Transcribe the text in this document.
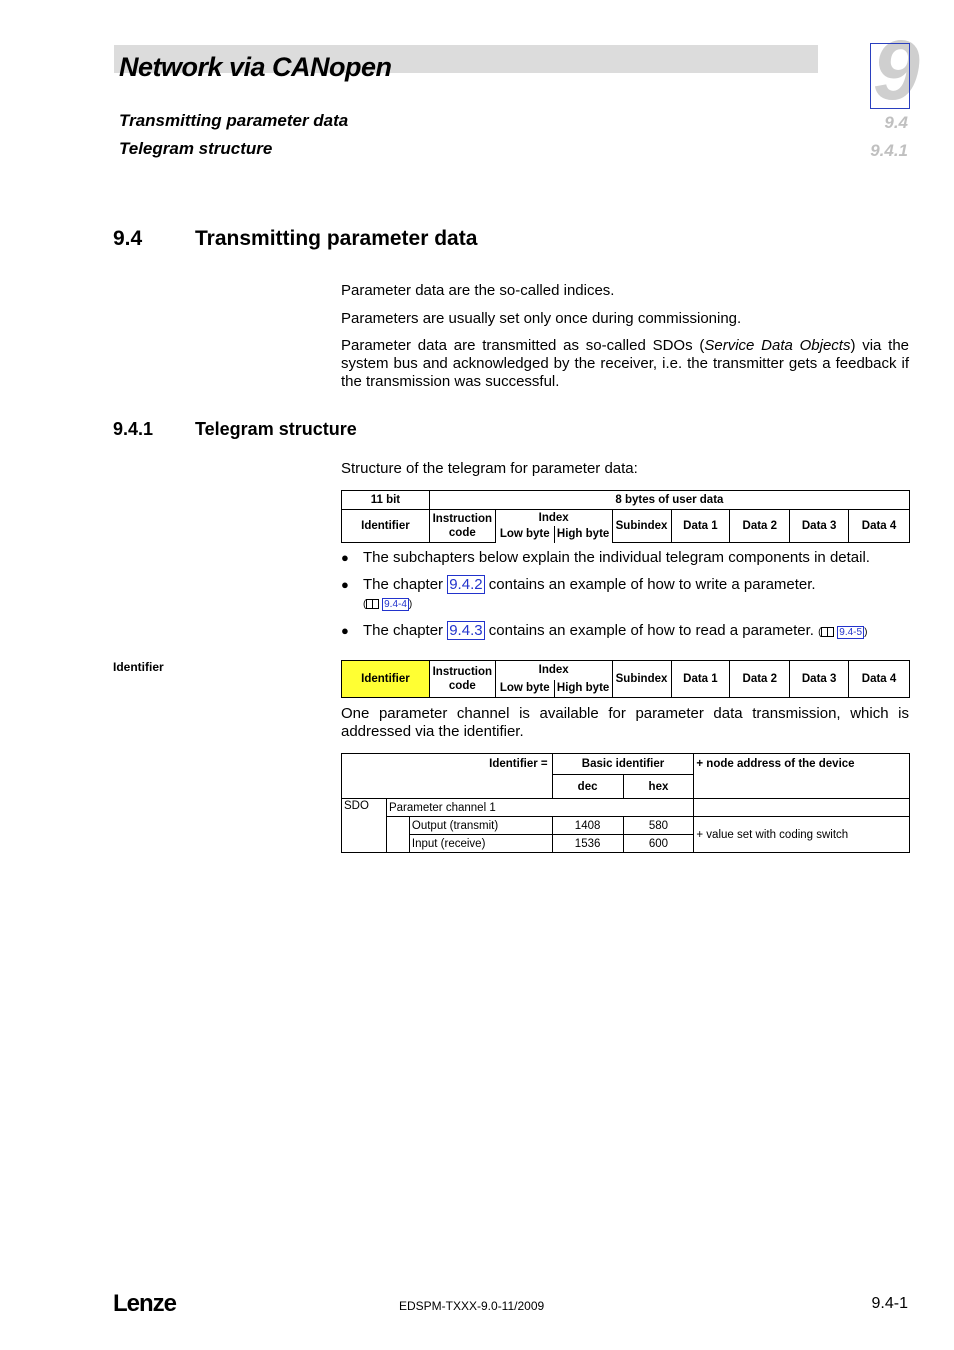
Network via CANopen
Transmitting parameter data
Telegram structure
9
9.4
9.4.1
9.4	Transmitting parameter data
Parameter data are the so-called indices.
Parameters are usually set only once during commissioning.
Parameter data are transmitted as so-called SDOs (Service Data Objects) via the system bus and acknowledged by the receiver, i.e. the transmitter gets a feedback if the transmission was successful.
9.4.1 Telegram structure
Structure of the telegram for parameter data:
11 bit	8 bytes of user data							
Identifier	Instruction code	Index		Subindex	Data 1	Data 2	Data 3	Data 4
		Low byte	High byte					
● The subchapters below explain the individual telegram components in detail.
● The chapter 9.4.2 contains an example of how to write a parameter.
( 9.4-4 )
● The chapter 9.4.3 contains an example of how to read a parameter. ( 9.4-5 )
Identifier
Identifier	Instruction code	Index		Subindex	Data 1	Data 2	Data 3	Data 4
		Low byte	High byte					
One parameter channel is available for parameter data transmission, which is addressed via the identifier.
Identifier =			Basic identifier		+ node address of the device
			dec	hex	
SDO	Parameter channel 1				
		Output (transmit)	1408	580	+ value set with coding switch
		Input (receive)	1536	600	
Lenze	EDSPM-TXXX-9.0-11/2009	9.4-1
